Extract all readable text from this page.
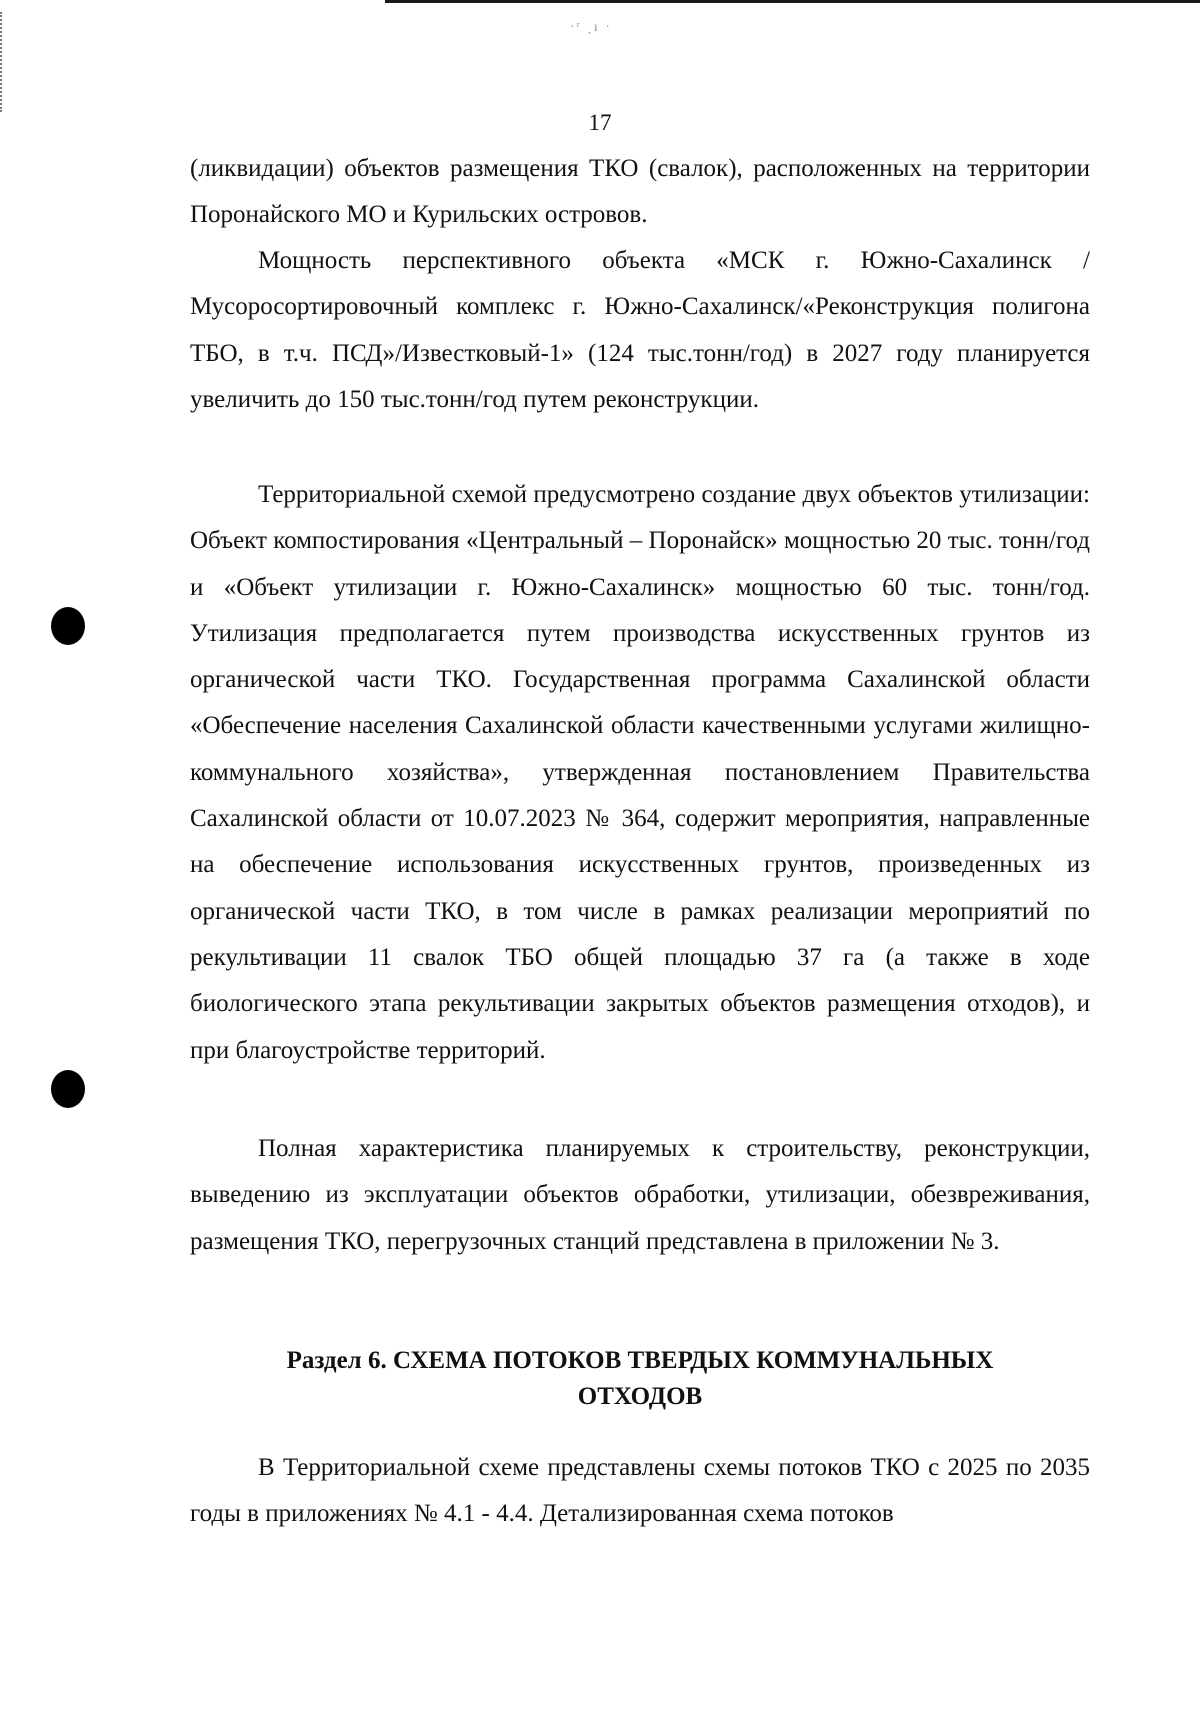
·ʳ ˎı ·
17

(ликвидации) объектов размещения ТКО (свалок), расположенных на территории Поронайского МО и Курильских островов.

Мощность перспективного объекта «МСК г. Южно-Сахалинск / Мусоросортировочный комплекс г. Южно-Сахалинск/«Реконструкция полигона ТБО, в т.ч. ПСД»/Известковый-1» (124 тыс.тонн/год) в 2027 году планируется увеличить до 150 тыс.тонн/год путем реконструкции.

Территориальной схемой предусмотрено создание двух объектов утилизации: Объект компостирования «Центральный – Поронайск» мощностью 20 тыс. тонн/год и «Объект утилизации г. Южно-Сахалинск» мощностью 60 тыс. тонн/год. Утилизация предполагается путем производства искусственных грунтов из органической части ТКО. Государственная программа Сахалинской области «Обеспечение населения Сахалинской области качественными услугами жилищно-коммунального хозяйства», утвержденная постановлением Правительства Сахалинской области от 10.07.2023 № 364, содержит мероприятия, направленные на обеспечение использования искусственных грунтов, произведенных из органической части ТКО, в том числе в рамках реализации мероприятий по рекультивации 11 свалок ТБО общей площадью 37 га (а также в ходе биологического этапа рекультивации закрытых объектов размещения отходов), и при благоустройстве территорий.

Полная характеристика планируемых к строительству, реконструкции, выведению из эксплуатации объектов обработки, утилизации, обезвреживания, размещения ТКО, перегрузочных станций представлена в приложении № 3.

Раздел 6. СХЕМА ПОТОКОВ ТВЕРДЫХ КОММУНАЛЬНЫХ
ОТХОДОВ

В Территориальной схеме представлены схемы потоков ТКО с 2025 по 2035 годы в приложениях № 4.1 - 4.4. Детализированная схема потоков
